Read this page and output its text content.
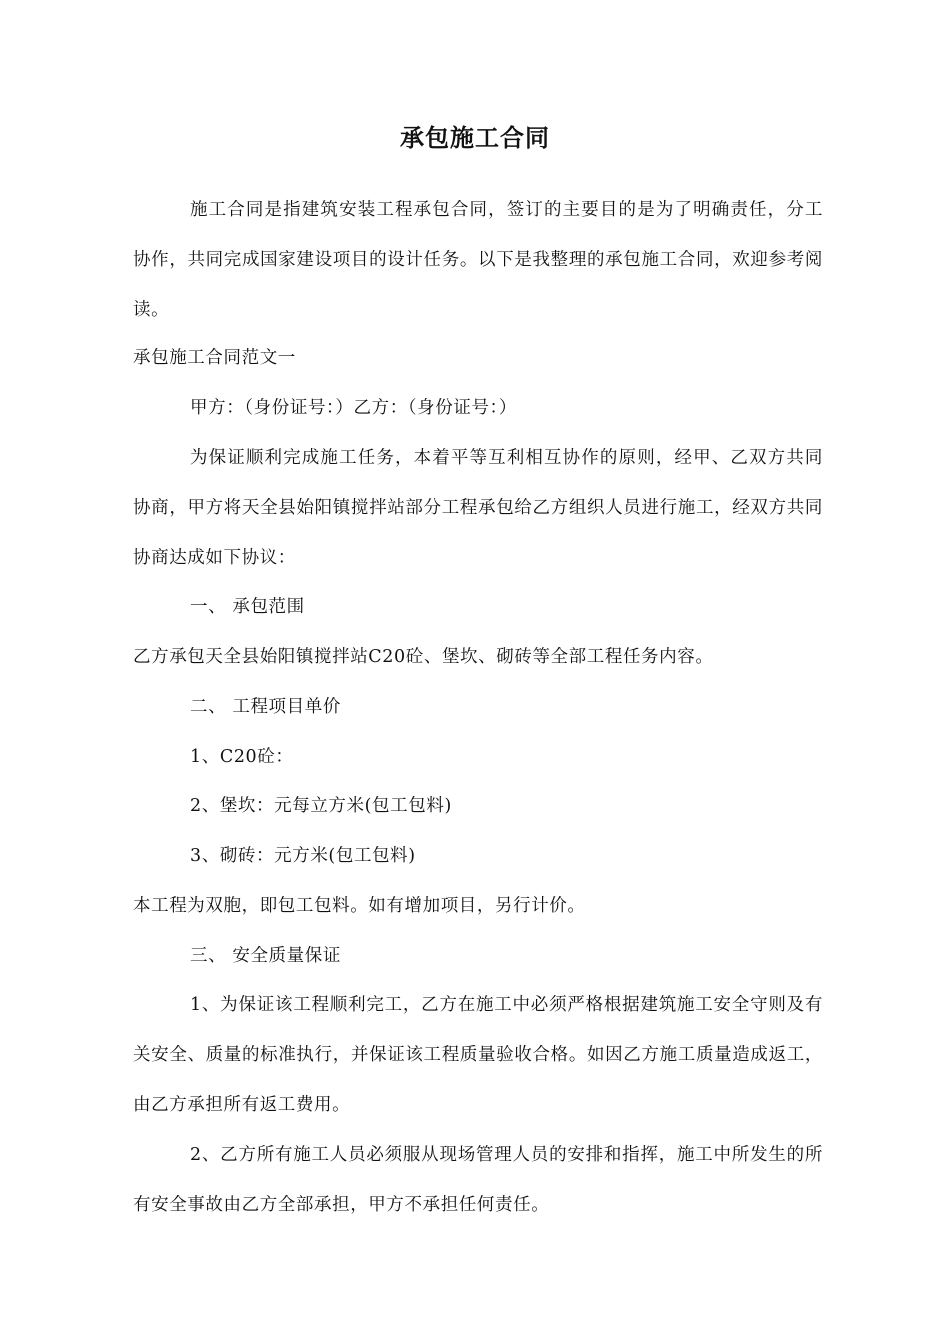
承包施工合同

施工合同是指建筑安装工程承包合同，签订的主要目的是为了明确责任，分工协作，共同完成国家建设项目的设计任务。以下是我整理的承包施工合同，欢迎参考阅读。

承包施工合同范文一

甲方：（身份证号：）乙方：（身份证号：）

为保证顺利完成施工任务，本着平等互利相互协作的原则，经甲、乙双方共同协商，甲方将天全县始阳镇搅拌站部分工程承包给乙方组织人员进行施工，经双方共同协商达成如下协议：

一、 承包范围

乙方承包天全县始阳镇搅拌站C20砼、堡坎、砌砖等全部工程任务内容。

二、 工程项目单价

1、C20砼：

2、堡坎：元每立方米(包工包料)

3、砌砖：元方米(包工包料)

本工程为双胞，即包工包料。如有增加项目，另行计价。

三、 安全质量保证

1、为保证该工程顺利完工，乙方在施工中必须严格根据建筑施工安全守则及有关安全、质量的标准执行，并保证该工程质量验收合格。如因乙方施工质量造成返工，由乙方承担所有返工费用。

2、乙方所有施工人员必须服从现场管理人员的安排和指挥，施工中所发生的所有安全事故由乙方全部承担，甲方不承担任何责任。
